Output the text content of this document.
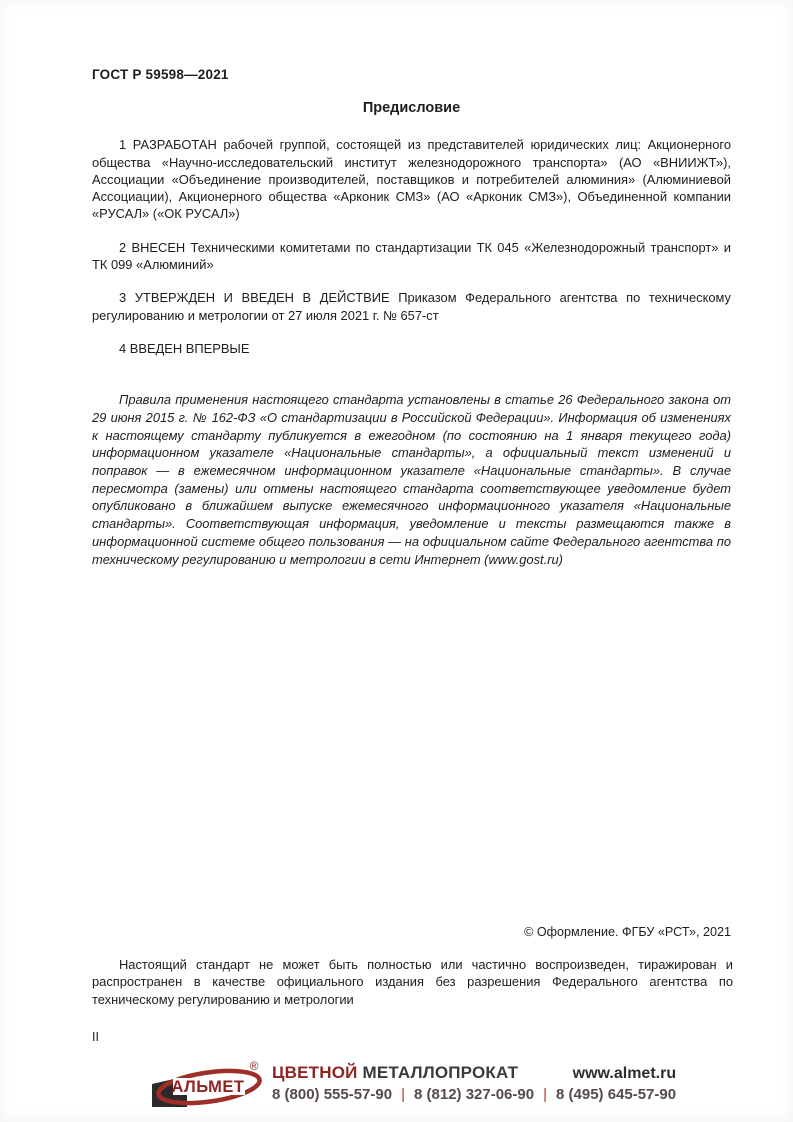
ГОСТ Р 59598—2021

Предисловие

1 РАЗРАБОТАН рабочей группой, состоящей из представителей юридических лиц: Акционерного общества «Научно-исследовательский институт железнодорожного транспорта» (АО «ВНИИЖТ»), Ассоциации «Объединение производителей, поставщиков и потребителей алюминия» (Алюминиевой Ассоциации), Акционерного общества «Арконик СМЗ» (АО «Арконик СМЗ»), Объединенной компании «РУСАЛ» («ОК РУСАЛ»)

2 ВНЕСЕН Техническими комитетами по стандартизации ТК 045 «Железнодорожный транспорт» и ТК 099 «Алюминий»

3 УТВЕРЖДЕН И ВВЕДЕН В ДЕЙСТВИЕ Приказом Федерального агентства по техническому регулированию и метрологии от 27 июля 2021 г. № 657-ст

4 ВВЕДЕН ВПЕРВЫЕ

Правила применения настоящего стандарта установлены в статье 26 Федерального закона от 29 июня 2015 г. № 162-ФЗ «О стандартизации в Российской Федерации». Информация об изменениях к настоящему стандарту публикуется в ежегодном (по состоянию на 1 января текущего года) информационном указателе «Национальные стандарты», а официальный текст изменений и поправок — в ежемесячном информационном указателе «Национальные стандарты». В случае пересмотра (замены) или отмены настоящего стандарта соответствующее уведомление будет опубликовано в ближайшем выпуске ежемесячного информационного указателя «Национальные стандарты». Соответствующая информация, уведомление и тексты размещаются также в информационной системе общего пользования — на официальном сайте Федерального агентства по техническому регулированию и метрологии в сети Интернет (www.gost.ru)

© Оформление. ФГБУ «РСТ», 2021
Настоящий стандарт не может быть полностью или частично воспроизведен, тиражирован и распространен в качестве официального издания без разрешения Федерального агентства по техническому регулированию и метрологии
II
АЛЬМЕТ
® ЦВЕТНОЙ МЕТАЛЛОПРОКАТ	www.almet.ru
8 (800) 555-57-90 | 8 (812) 327-06-90 | 8 (495) 645-57-90
